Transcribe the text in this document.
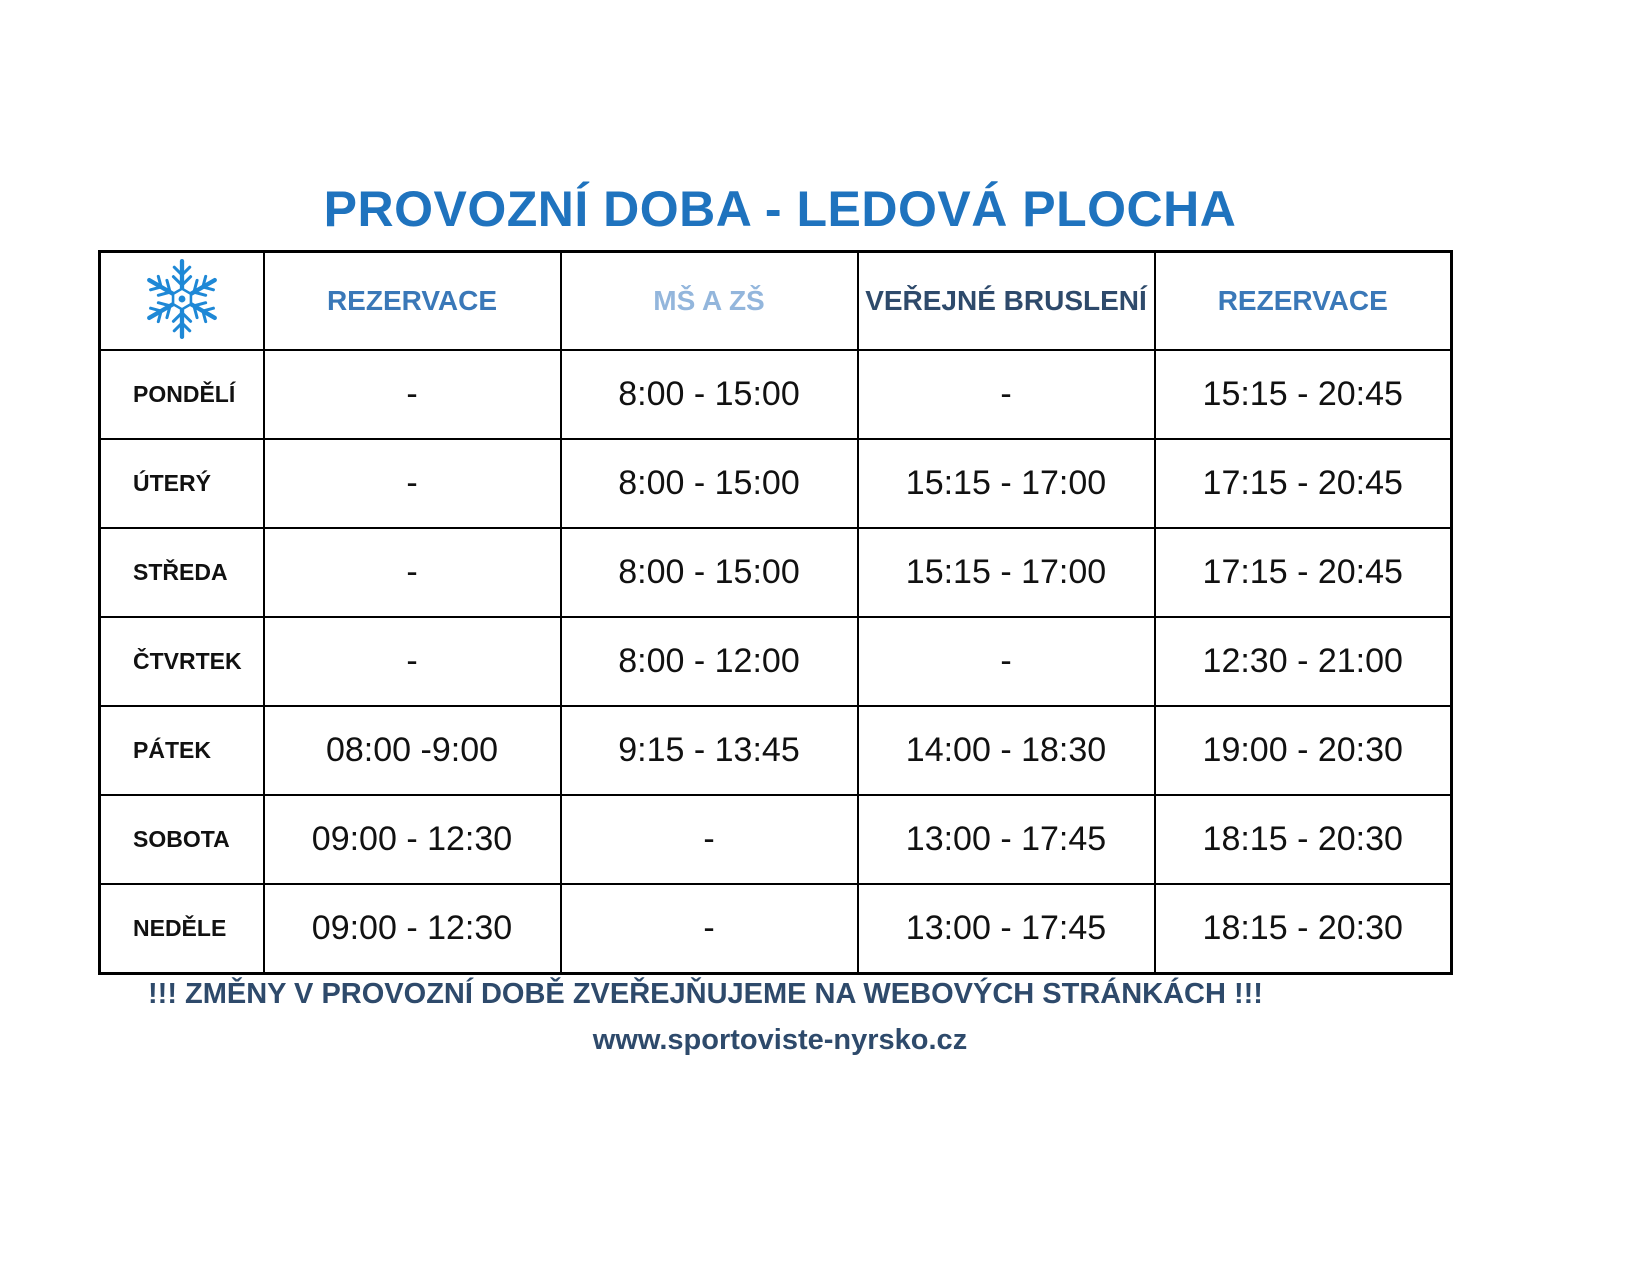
PROVOZNÍ DOBA - LEDOVÁ PLOCHA
	REZERVACE	MŠ A ZŠ	VEŘEJNÉ BRUSLENÍ	REZERVACE
PONDĚLÍ	-	8:00 - 15:00	-	15:15 - 20:45
ÚTERÝ	-	8:00 - 15:00	15:15 - 17:00	17:15 - 20:45
STŘEDA	-	8:00 - 15:00	15:15 - 17:00	17:15 - 20:45
ČTVRTEK	-	8:00 - 12:00	-	12:30 - 21:00
PÁTEK	08:00 -9:00	9:15 - 13:45	14:00 - 18:30	19:00 - 20:30
SOBOTA	09:00 - 12:30	-	13:00 - 17:45	18:15 - 20:30
NEDĚLE	09:00 - 12:30	-	13:00 - 17:45	18:15 - 20:30
!!! ZMĚNY V PROVOZNÍ DOBĚ ZVEŘEJŇUJEME NA WEBOVÝCH STRÁNKÁCH !!!
www.sportoviste-nyrsko.cz
